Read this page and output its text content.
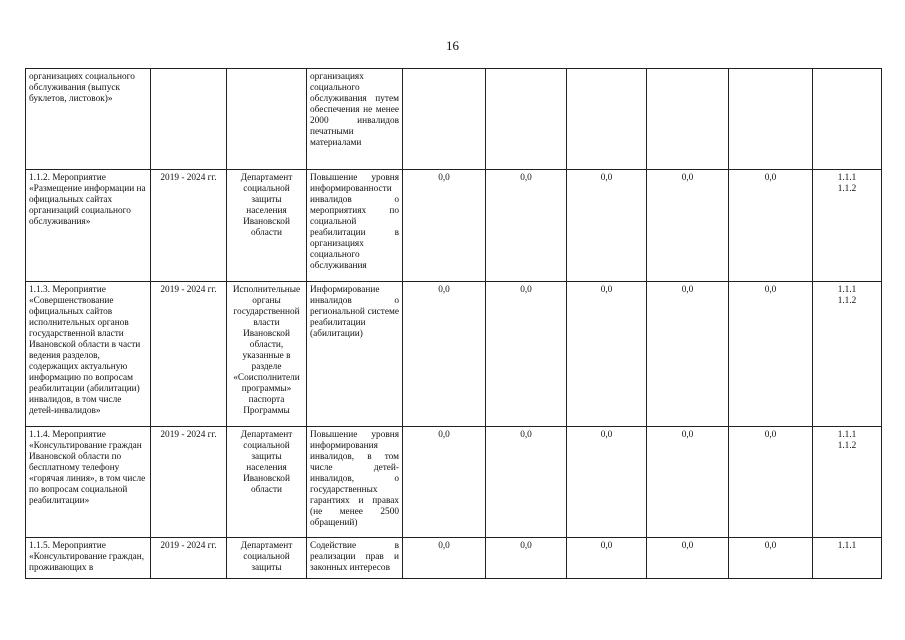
16
организациях социального обслуживания (выпуск буклетов, листовок)»			организациях социального обслуживания путем обеспечения не менее 2000 инвалидов печатными материалами						
1.1.2. Мероприятие «Размещение информации на официальных сайтах организаций социального обслуживания»	2019 - 2024 гг.	Департамент социальной защиты населения Ивановской области	Повышение уровня информированности инвалидов о мероприятиях по социальной реабилитации в организациях социального обслуживания	0,0	0,0	0,0	0,0	0,0	1.1.1
1.1.2

1.1.3. Мероприятие «Совершенствование официальных сайтов исполнительных органов государственной власти Ивановской области в части ведения разделов, содержащих актуальную информацию по вопросам реабилитации (абилитации) инвалидов, в том числе детей-инвалидов»	2019 - 2024 гг.	Исполнительные органы государственной власти Ивановской области, указанные в разделе «Соисполнители программы» паспорта Программы	Информирование инвалидов о региональной системе реабилитации (абилитации)	0,0	0,0	0,0	0,0	0,0	1.1.1
1.1.2

1.1.4. Мероприятие «Консультирование граждан Ивановской области по бесплатному телефону «горячая линия», в том числе по вопросам социальной реабилитации»	2019 - 2024 гг.	Департамент социальной защиты населения Ивановской области	Повышение уровня информирования инвалидов, в том числе детей-инвалидов, о государственных гарантиях и правах (не менее 2500 обращений)	0,0	0,0	0,0	0,0	0,0	1.1.1
1.1.2

1.1.5. Мероприятие «Консультирование граждан, проживающих в	2019 - 2024 гг.	Департамент социальной защиты	Содействие в реализации прав и законных интересов	0,0	0,0	0,0	0,0	0,0	1.1.1
